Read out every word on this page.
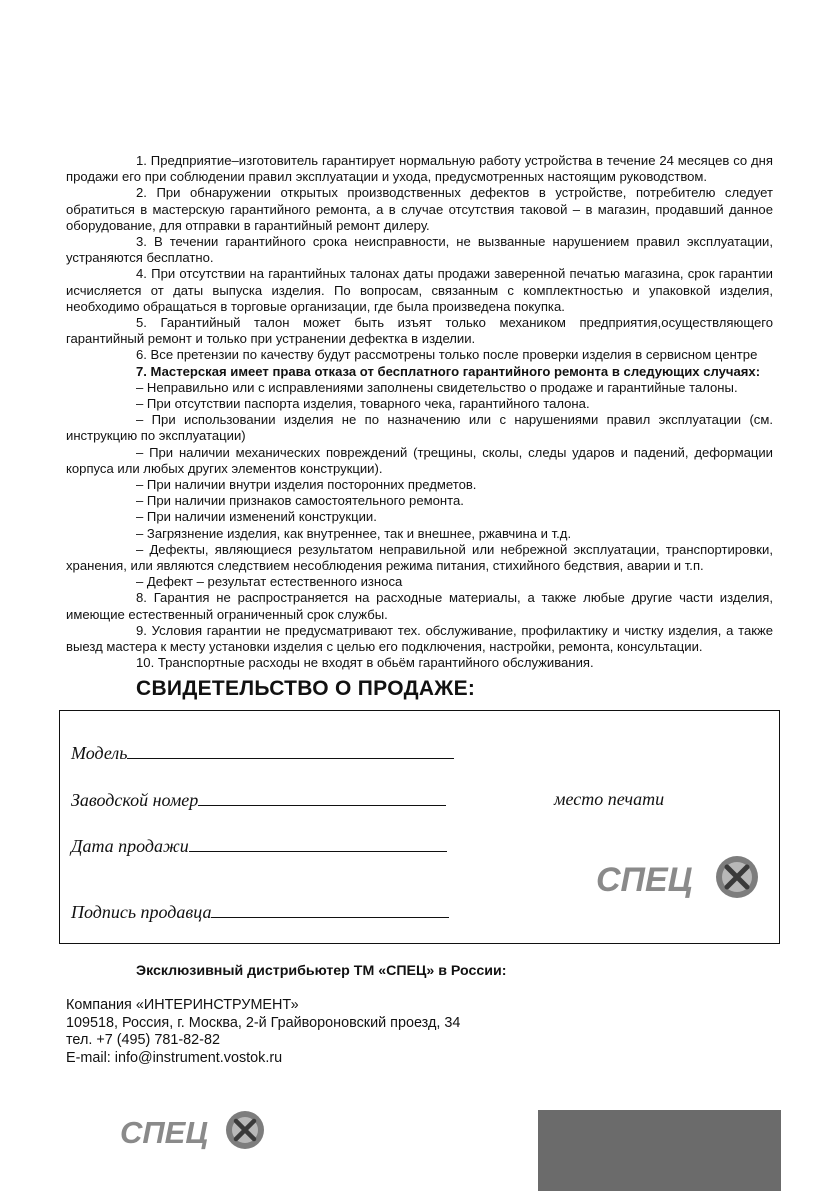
1. Предприятие–изготовитель гарантирует нормальную работу устройства в течение 24 месяцев со дня продажи его при соблюдении правил эксплуатации и ухода, предусмотренных настоящим руководством.

2. При обнаружении открытых производственных дефектов в устройстве, потребителю следует обратиться в мастерскую гарантийного ремонта, а в случае отсутствия таковой – в магазин, продавший данное оборудование, для отправки в гарантийный ремонт дилеру.

3. В течении гарантийного срока неисправности, не вызванные нарушением правил эксплуатации, устраняются бесплатно.

4. При отсутствии на гарантийных талонах даты продажи заверенной печатью магазина, срок гарантии исчисляется от даты выпуска изделия. По вопросам, связанным с комплектностью и упаковкой изделия, необходимо обращаться в торговые организации, где была произведена покупка.

5. Гарантийный талон может быть изъят только механиком предприятия,осуществляющего гарантийный ремонт и только при устранении дефектка в изделии.

6. Все претензии по качеству будут рассмотрены только после проверки изделия в сервисном центре

7. Мастерская имеет права отказа от бесплатного гарантийного ремонта в следующих случаях:

– Неправильно или с исправлениями заполнены свидетельство о продаже и гарантийные талоны.

– При отсутствии паспорта изделия, товарного чека, гарантийного талона.

– При использовании изделия не по назначению или с нарушениями правил эксплуатации (см. инструкцию по эксплуатации)

– При наличии механических повреждений (трещины, сколы, следы ударов и падений, деформации корпуса или любых других элементов конструкции).

– При наличии внутри изделия посторонних предметов.

– При наличии признаков самостоятельного ремонта.

– При наличии изменений конструкции.

– Загрязнение изделия, как внутреннее, так и внешнее, ржавчина и т.д.

– Дефекты, являющиеся результатом неправильной или небрежной эксплуатации, транспортировки, хранения, или являются следствием несоблюдения режима питания, стихийного бедствия, аварии и т.п.

– Дефект – результат естественного износа

8. Гарантия не распространяется на расходные материалы, а также любые другие части изделия, имеющие естественный ограниченный срок службы.

9. Условия гарантии не предусматривают тех. обслуживание, профилактику и чистку изделия, а также выезд мастера к месту установки изделия с целью его подключения, настройки, ремонта, консультации.

10. Транспортные расходы не входят в обьём гарантийного обслуживания.

СВИДЕТЕЛЬСТВО О ПРОДАЖЕ:
Модель
Заводской номер
Дата продажи
Подпись продавца
место печати
СПЕЦ
Эксклюзивный дистрибьютер ТМ «СПЕЦ» в России:
Компания «ИНТЕРИНСТРУМЕНТ»
109518, Россия, г. Москва, 2-й Грайвороновский проезд, 34
тел. +7 (495) 781-82-82
E-mail: info@instrument.vostok.ru
СПЕЦ
